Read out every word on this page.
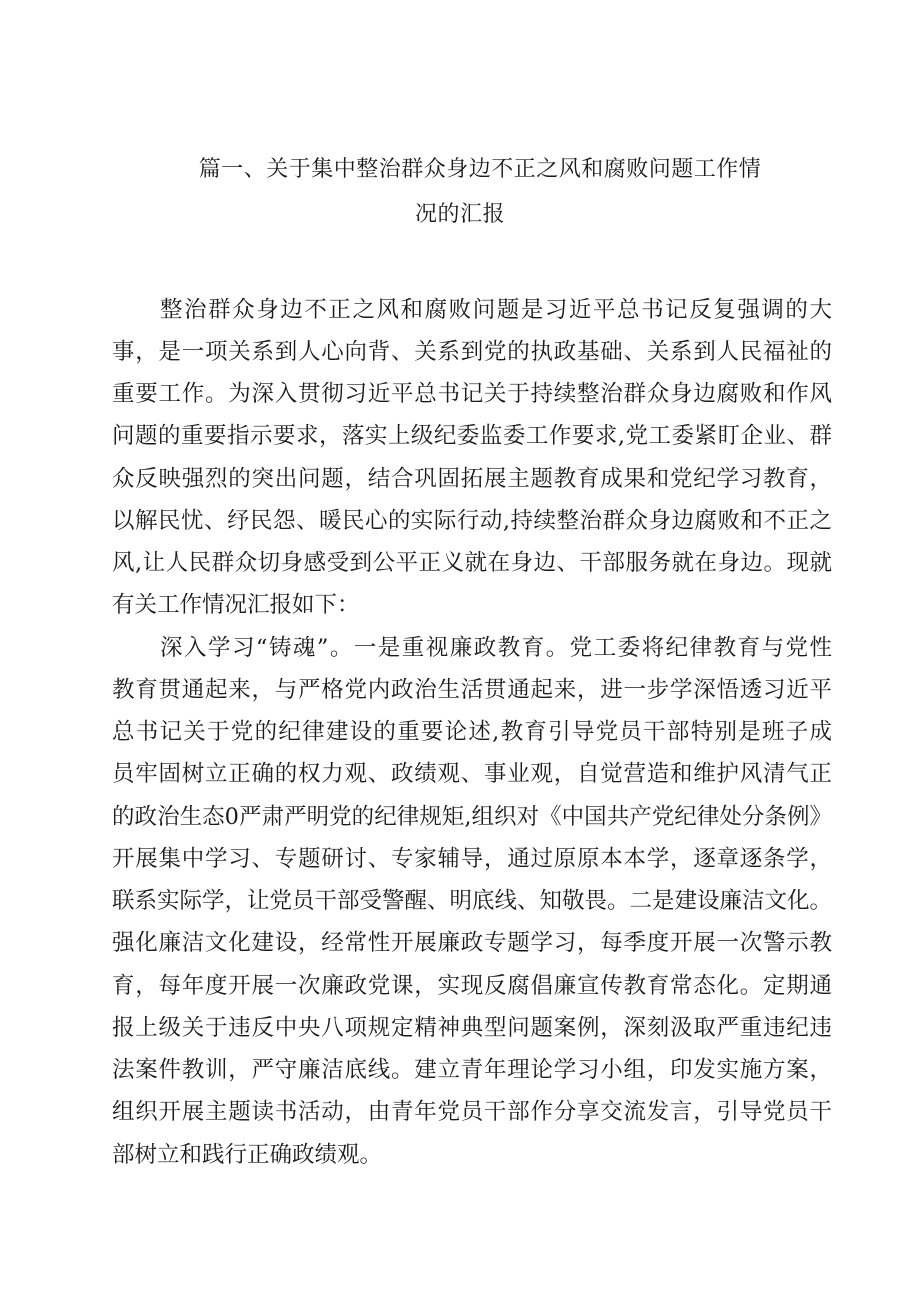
篇一、关于集中整治群众身边不正之风和腐败问题工作情
况的汇报
整治群众身边不正之风和腐败问题是习近平总书记反复强调的大
事，是一项关系到人心向背、关系到党的执政基础、关系到人民福祉的
重要工作。为深入贯彻习近平总书记关于持续整治群众身边腐败和作风
问题的重要指示要求，落实上级纪委监委工作要求,党工委紧盯企业、群
众反映强烈的突出问题，结合巩固拓展主题教育成果和党纪学习教育，
以解民忧、纾民怨、暖民心的实际行动,持续整治群众身边腐败和不正之
风,让人民群众切身感受到公平正义就在身边、干部服务就在身边。现就
有关工作情况汇报如下：
深入学习“铸魂”。一是重视廉政教育。党工委将纪律教育与党性
教育贯通起来，与严格党内政治生活贯通起来，进一步学深悟透习近平
总书记关于党的纪律建设的重要论述,教育引导党员干部特别是班子成
员牢固树立正确的权力观、政绩观、事业观，自觉营造和维护风清气正
的政治生态0严肃严明党的纪律规矩,组织对《中国共产党纪律处分条例》
开展集中学习、专题研讨、专家辅导，通过原原本本学，逐章逐条学，
联系实际学，让党员干部受警醒、明底线、知敬畏。二是建设廉洁文化。
强化廉洁文化建设，经常性开展廉政专题学习，每季度开展一次警示教
育，每年度开展一次廉政党课，实现反腐倡廉宣传教育常态化。定期通
报上级关于违反中央八项规定精神典型问题案例，深刻汲取严重违纪违
法案件教训，严守廉洁底线。建立青年理论学习小组，印发实施方案，
组织开展主题读书活动，由青年党员干部作分享交流发言，引导党员干
部树立和践行正确政绩观。
